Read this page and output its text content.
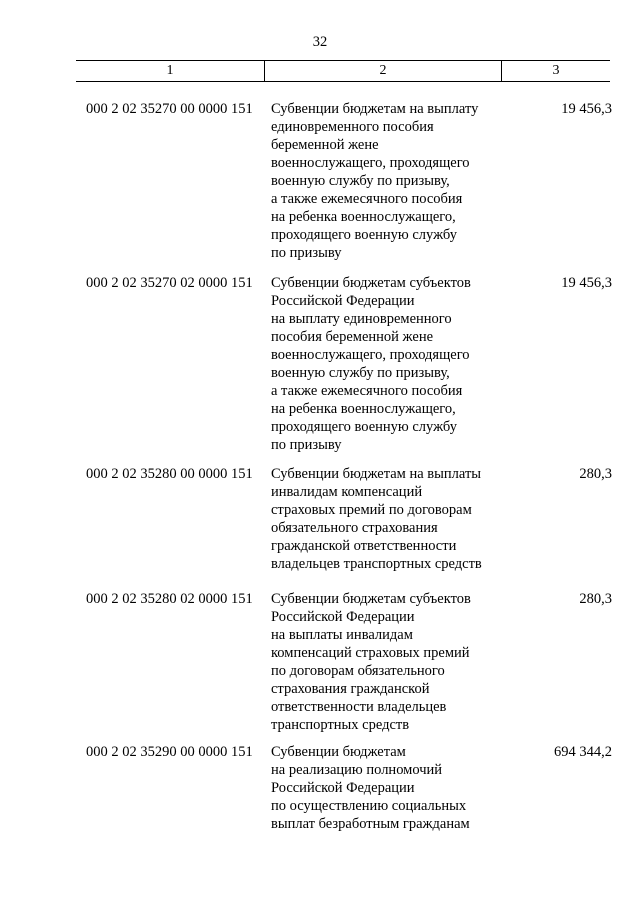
32
1	2	3
000 2 02 35270 00 0000 151 Субвенции бюджетам на выплату
единовременного пособия
беременной жене
военнослужащего, проходящего
военную службу по призыву,
а также ежемесячного пособия
на ребенка военнослужащего,
проходящего военную службу
по призыву
19 456,3
000 2 02 35270 02 0000 151 Субвенции бюджетам субъектов
Российской Федерации
на выплату единовременного
пособия беременной жене
военнослужащего, проходящего
военную службу по призыву,
а также ежемесячного пособия
на ребенка военнослужащего,
проходящего военную службу
по призыву
19 456,3
000 2 02 35280 00 0000 151 Субвенции бюджетам на выплаты
инвалидам компенсаций
страховых премий по договорам
обязательного страхования
гражданской ответственности
владельцев транспортных средств
280,3
000 2 02 35280 02 0000 151 Субвенции бюджетам субъектов
Российской Федерации
на выплаты инвалидам
компенсаций страховых премий
по договорам обязательного
страхования гражданской
ответственности владельцев
транспортных средств
280,3
000 2 02 35290 00 0000 151 Субвенции бюджетам
на реализацию полномочий
Российской Федерации
по осуществлению социальных
выплат безработным гражданам
694 344,2
